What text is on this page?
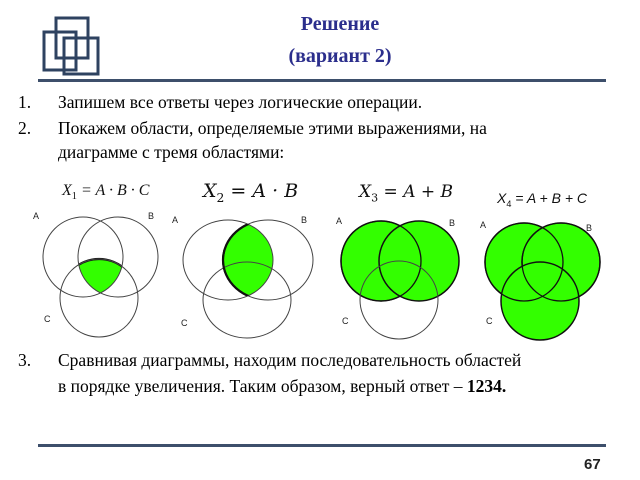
Решение
(вариант 2)
1. Запишем все ответы через логические операции.
2. Покажем области, определяемые этими выражениями, на
диаграмме с тремя областями:
$X_1 = A \cdot B \cdot C$	$X_2 = A \cdot B$	$X_3 = A + B$	$X_4 = A + B + C$
A	B
C
A	B
C
A	B
C
A	B
C
3. Сравнивая диаграммы, находим последовательность областей
в порядке увеличения. Таким образом, верный ответ – 1234.
67
